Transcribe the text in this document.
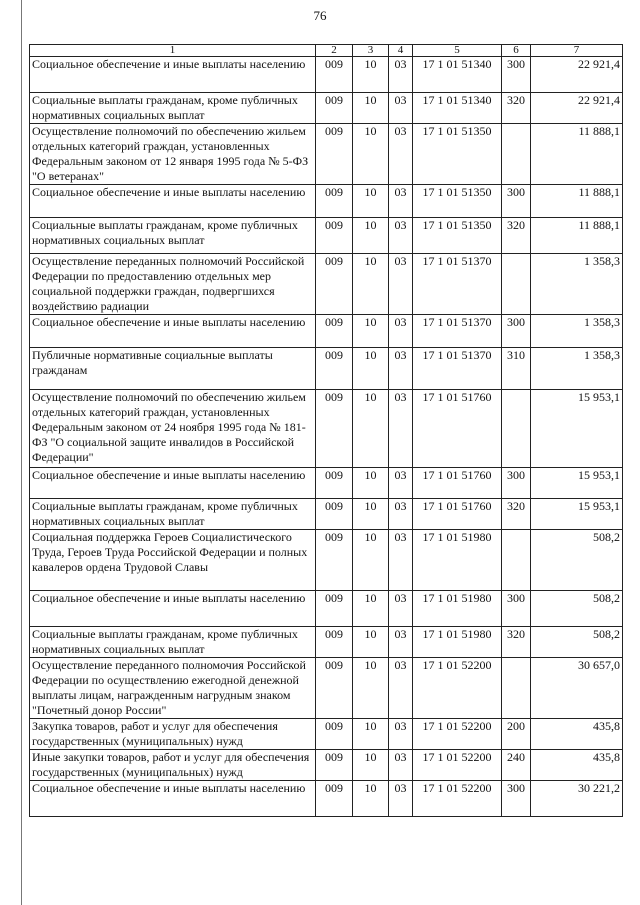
76
1	2	3	4	5	6	7
Социальное обеспечение и иные выплаты населению	009	10	03	17 1 01 51340	300	22 921,4
Социальные выплаты гражданам, кроме публичных нормативных социальных выплат	009	10	03	17 1 01 51340	320	22 921,4
Осуществление полномочий по обеспечению жильем отдельных категорий граждан, установленных Федеральным законом от 12 января 1995 года № 5-ФЗ "О ветеранах"	009	10	03	17 1 01 51350		11 888,1
Социальное обеспечение и иные выплаты населению	009	10	03	17 1 01 51350	300	11 888,1
Социальные выплаты гражданам, кроме публичных нормативных социальных выплат	009	10	03	17 1 01 51350	320	11 888,1
Осуществление переданных полномочий Российской Федерации по предоставлению отдельных мер социальной поддержки граждан, подвергшихся воздействию радиации	009	10	03	17 1 01 51370		1 358,3
Социальное обеспечение и иные выплаты населению	009	10	03	17 1 01 51370	300	1 358,3
Публичные нормативные социальные выплаты гражданам	009	10	03	17 1 01 51370	310	1 358,3
Осуществление полномочий по обеспечению жильем отдельных категорий граждан, установленных Федеральным законом от 24 ноября 1995 года № 181-ФЗ "О социальной защите инвалидов в Российской Федерации"	009	10	03	17 1 01 51760		15 953,1
Социальное обеспечение и иные выплаты населению	009	10	03	17 1 01 51760	300	15 953,1
Социальные выплаты гражданам, кроме публичных нормативных социальных выплат	009	10	03	17 1 01 51760	320	15 953,1
Социальная поддержка Героев Социалистического Труда, Героев Труда Российской Федерации и полных кавалеров ордена Трудовой Славы	009	10	03	17 1 01 51980		508,2
Социальное обеспечение и иные выплаты населению	009	10	03	17 1 01 51980	300	508,2
Социальные выплаты гражданам, кроме публичных нормативных социальных выплат	009	10	03	17 1 01 51980	320	508,2
Осуществление переданного полномочия Российской Федерации по осуществлению ежегодной денежной выплаты лицам, награжденным нагрудным знаком "Почетный донор России"	009	10	03	17 1 01 52200		30 657,0
Закупка товаров, работ и услуг для обеспечения государственных (муниципальных) нужд	009	10	03	17 1 01 52200	200	435,8
Иные закупки товаров, работ и услуг для обеспечения государственных (муниципальных) нужд	009	10	03	17 1 01 52200	240	435,8
Социальное обеспечение и иные выплаты населению	009	10	03	17 1 01 52200	300	30 221,2
